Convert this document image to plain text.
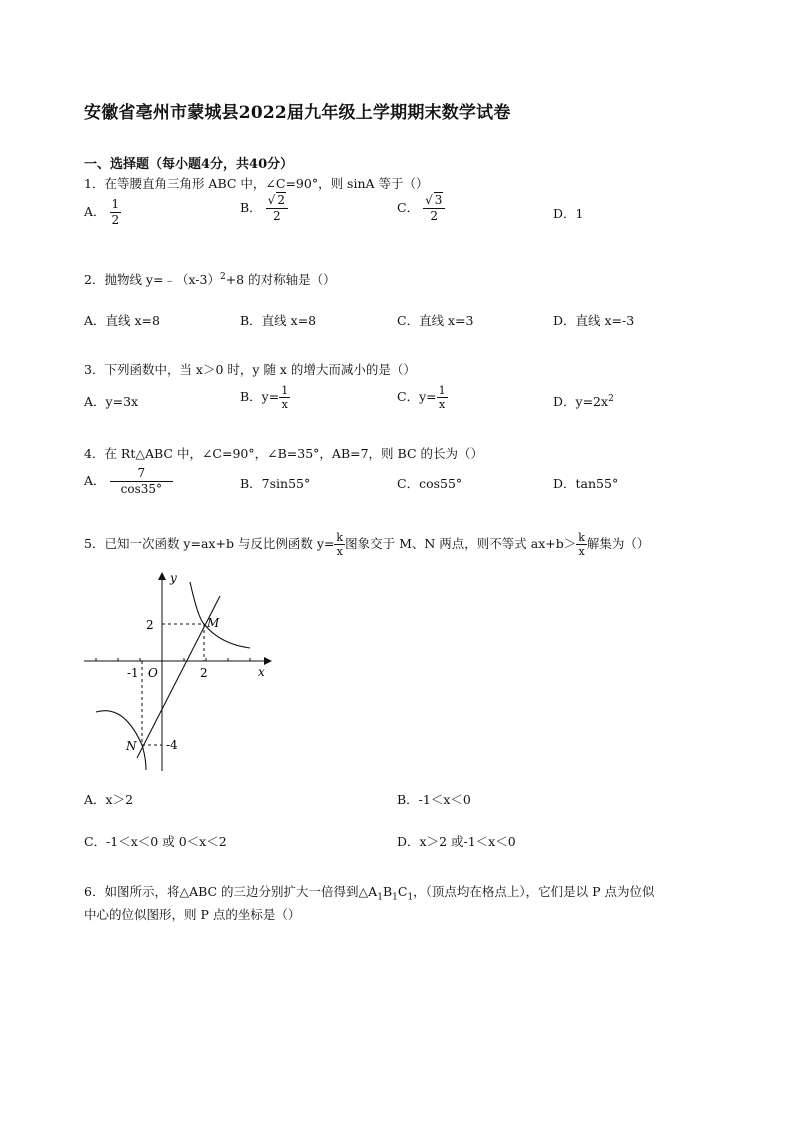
安徽省亳州市蒙城县2022届九年级上学期期末数学试卷
一、选择题（每小题4分，共40分）
1．在等腰直角三角形 ABC 中，∠C=90°，则 sinA 等于（）
A． $\frac{1}{2}$	B． $\frac{√ 2}{2}$	C． $\frac{√ 3}{2}$	D．1
2．抛物线 $y=﹣(x-3)^2+8$ 的对称轴是（）
A．直线 x=8	B．直线 x=8	C．直线 x=3	D．直线 x=-3
3．下列函数中，当 x＞0 时，y 随 x 的增大而减小的是（）
A．y=3x	B．$y= \frac{1}{x}$	C．$y= \frac{1}{x}$	D．$y=2x^2$
4．在 Rt△ABC 中，∠C=90°，∠B=35°，AB=7，则 BC 的长为（）
A． $\frac{7}{\cos 35^\circ}$	B．7sin55°	C．cos55°	D．tan55°
5．已知一次函数 y=ax+b 与反比例函数 $y= \frac{k}{x}$ 图象交于 M、N 两点，则不等式 $ax+b> \frac{k}{x}$ 解集为（）
y
x
O
M
N
2
2
-1
-4
A．x＞2	B．-1＜x＜0
C．-1＜x＜0 或 0＜x＜2	D．x＞2 或-1＜x＜0
6．如图所示，将△ABC 的三边分别扩大一倍得到$\triangle A_1B_1C_1$，（顶点均在格点上），它们是以 P 点为位似
中心的位似图形，则 P 点的坐标是（）
